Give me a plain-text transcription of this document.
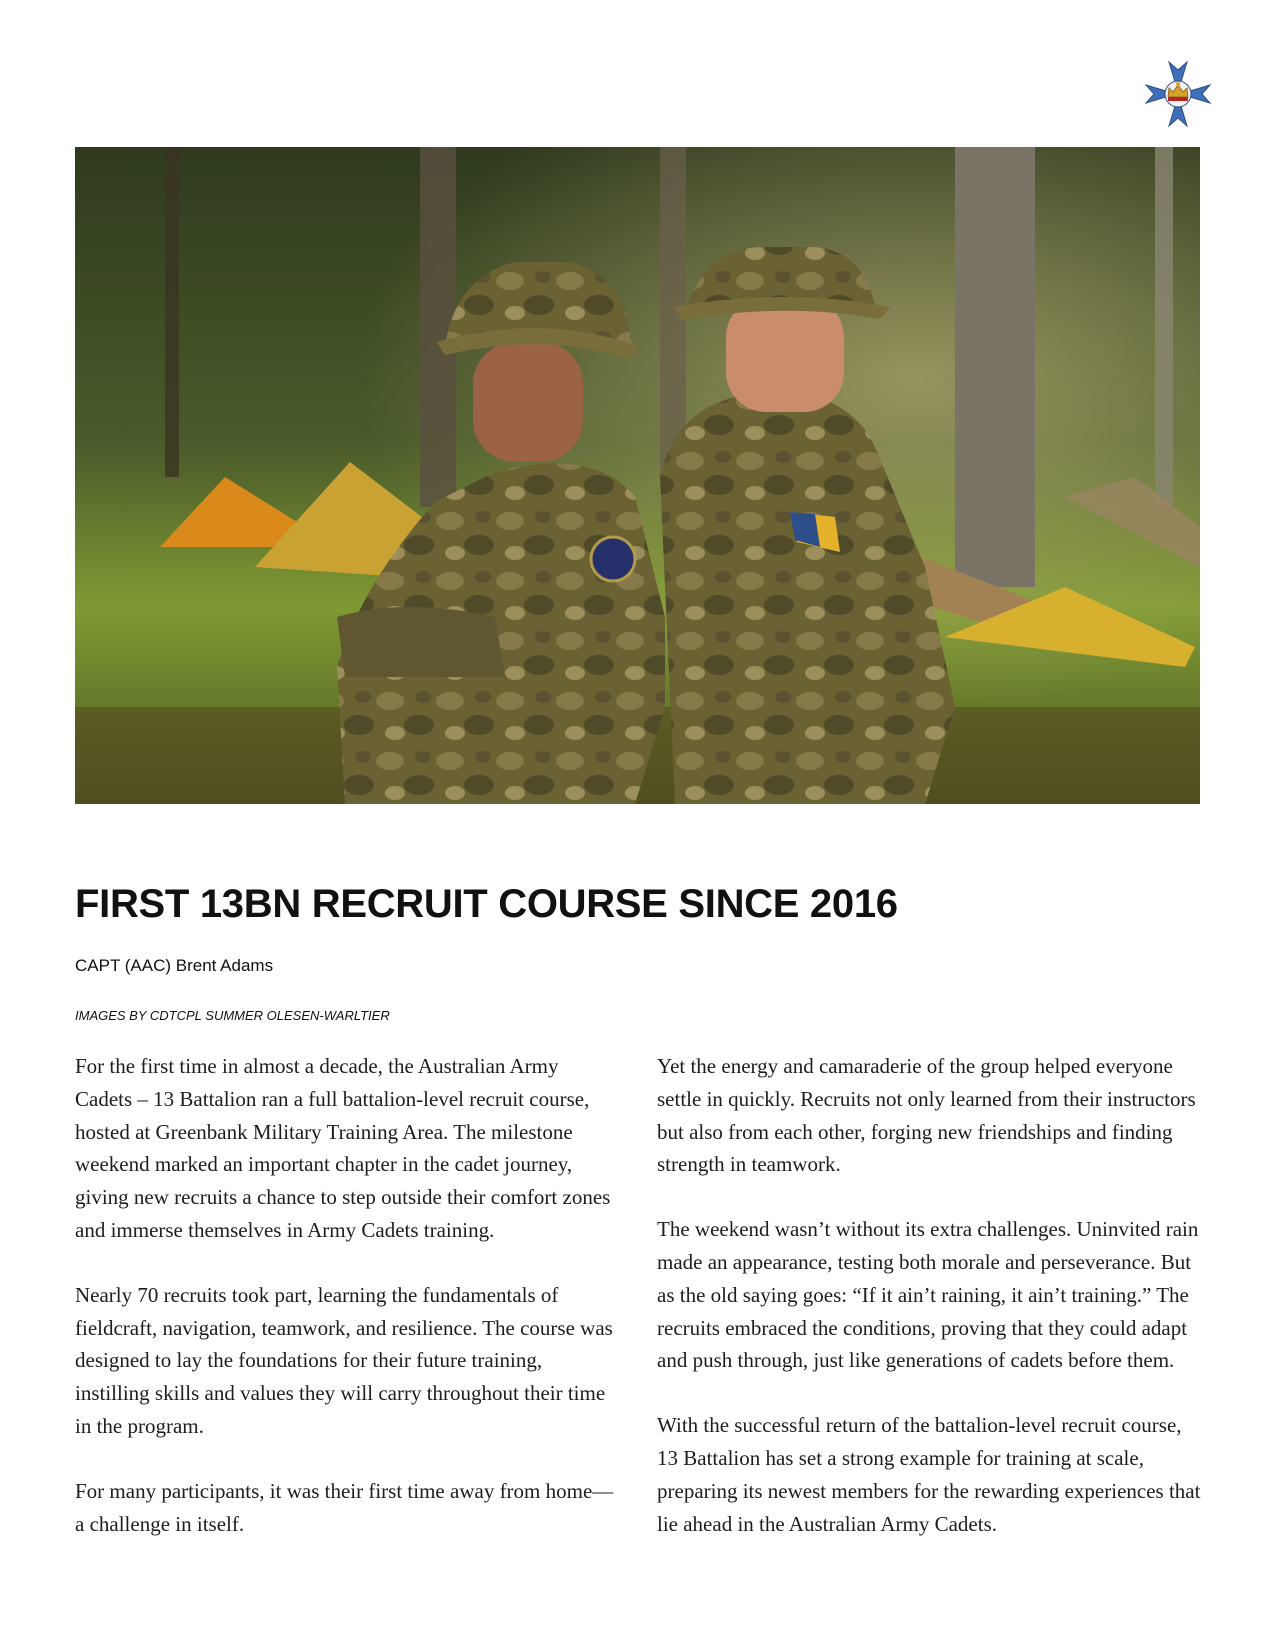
FIRST 13BN RECRUIT COURSE SINCE 2016

CAPT (AAC) Brent Adams

IMAGES BY CDTCPL SUMMER OLESEN-WARLTIER

For the first time in almost a decade, the Australian Army Cadets – 13 Battalion ran a full battalion-level recruit course, hosted at Greenbank Military Training Area. The milestone weekend marked an important chapter in the cadet journey, giving new recruits a chance to step outside their comfort zones and immerse themselves in Army Cadets training.

Nearly 70 recruits took part, learning the fundamentals of fieldcraft, navigation, teamwork, and resilience. The course was designed to lay the foundations for their future training, instilling skills and values they will carry throughout their time in the program.

For many participants, it was their first time away from home—a challenge in itself.

Yet the energy and camaraderie of the group helped everyone settle in quickly. Recruits not only learned from their instructors but also from each other, forging new friendships and finding strength in teamwork.

The weekend wasn’t without its extra challenges. Uninvited rain made an appearance, testing both morale and perseverance. But as the old saying goes: “If it ain’t raining, it ain’t training.” The recruits embraced the conditions, proving that they could adapt and push through, just like generations of cadets before them.

With the successful return of the battalion-level recruit course, 13 Battalion has set a strong example for training at scale, preparing its newest members for the rewarding experiences that lie ahead in the Australian Army Cadets.
